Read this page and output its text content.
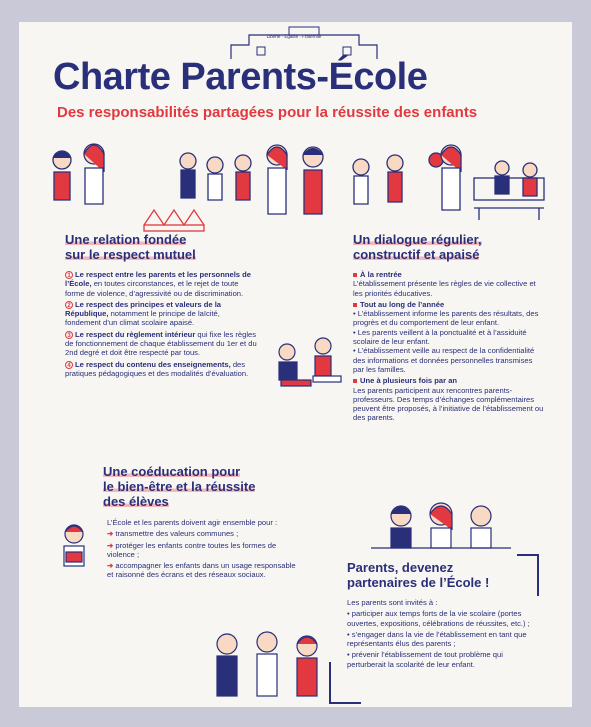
Liberté · Égalité · Fraternité
Charte Parents-École
Des responsabilités partagées pour la réussite des enfants
Une relation fondée
sur le respect mutuel

1 Le respect entre les parents et les personnels de l’École, en toutes circonstances, et le rejet de toute forme de violence, d’agressivité ou de discrimination.

2 Le respect des principes et valeurs de la République, notamment le principe de laïcité, fondement d’un climat scolaire apaisé.

3 Le respect du règlement intérieur qui fixe les règles de fonctionnement de chaque établissement du 1er et du 2nd degré et doit être respecté par tous.

4 Le respect du contenu des enseignements, des pratiques pédagogiques et des modalités d’évaluation.

Un dialogue régulier,
constructif et apaisé

À la rentrée
L’établissement présente les règles de vie collective et les priorités éducatives.

Tout au long de l’année
• L’établissement informe les parents des résultats, des progrès et du comportement de leur enfant.
• Les parents veillent à la ponctualité et à l’assiduité scolaire de leur enfant.
• L’établissement veille au respect de la confidentialité des informations et données personnelles transmises par les familles.

Une à plusieurs fois par an
Les parents participent aux rencontres parents-professeurs. Des temps d’échanges complémentaires peuvent être proposés, à l’initiative de l’établissement ou des parents.

Une coéducation pour
le bien-être et la réussite
des élèves

L’École et les parents doivent agir ensemble pour :

➔ transmettre des valeurs communes ;

➔ protéger les enfants contre toutes les formes de violence ;

➔ accompagner les enfants dans un usage responsable et raisonné des écrans et des réseaux sociaux.	Parents, devenez
partenaires de l’École !

Les parents sont invités à :

• participer aux temps forts de la vie scolaire (portes ouvertes, expositions, célébrations de réussites, etc.) ;

• s’engager dans la vie de l’établissement en tant que représentants élus des parents ;

• prévenir l’établissement de tout problème qui perturberait la scolarité de leur enfant.
